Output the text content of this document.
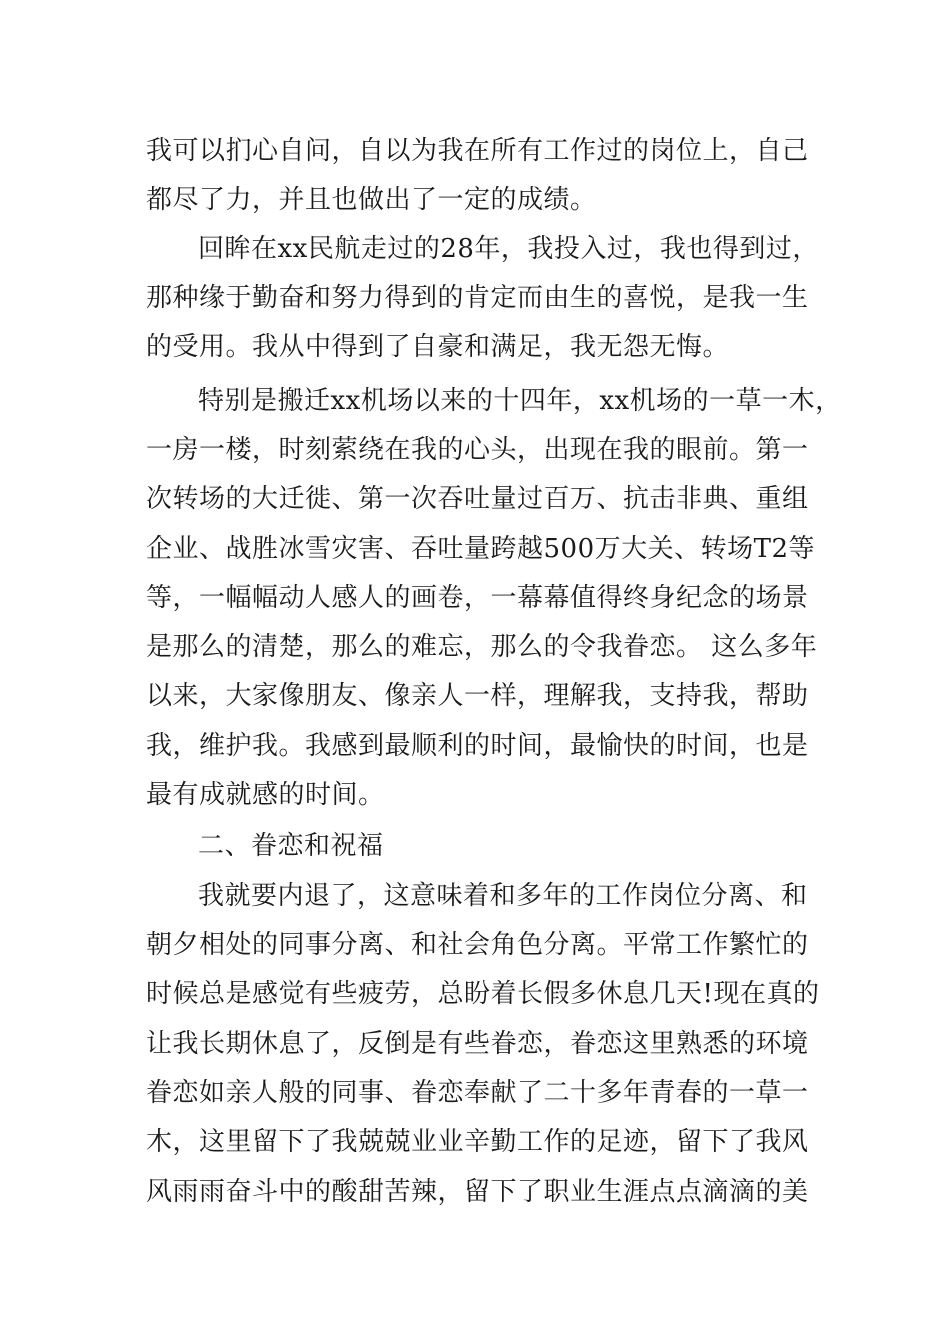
我可以扪心自问，自以为我在所有工作过的岗位上，自己
都尽了力，并且也做出了一定的成绩。
回眸在xx民航走过的28年，我投入过，我也得到过，
那种缘于勤奋和努力得到的肯定而由生的喜悦，是我一生
的受用。我从中得到了自豪和满足，我无怨无悔。
特别是搬迁xx机场以来的十四年，xx机场的一草一木，
一房一楼，时刻萦绕在我的心头，出现在我的眼前。第一
次转场的大迁徙、第一次吞吐量过百万、抗击非典、重组
企业、战胜冰雪灾害、吞吐量跨越500万大关、转场T2等
等，一幅幅动人感人的画卷，一幕幕值得终身纪念的场景
是那么的清楚，那么的难忘，那么的令我眷恋。 这么多年
以来，大家像朋友、像亲人一样，理解我，支持我，帮助
我，维护我。我感到最顺利的时间，最愉快的时间，也是
最有成就感的时间。
二、眷恋和祝福
我就要内退了，这意味着和多年的工作岗位分离、和
朝夕相处的同事分离、和社会角色分离。平常工作繁忙的
时候总是感觉有些疲劳，总盼着长假多休息几天!现在真的
让我长期休息了，反倒是有些眷恋，眷恋这里熟悉的环境
眷恋如亲人般的同事、眷恋奉献了二十多年青春的一草一
木，这里留下了我兢兢业业辛勤工作的足迹，留下了我风
风雨雨奋斗中的酸甜苦辣，留下了职业生涯点点滴滴的美
